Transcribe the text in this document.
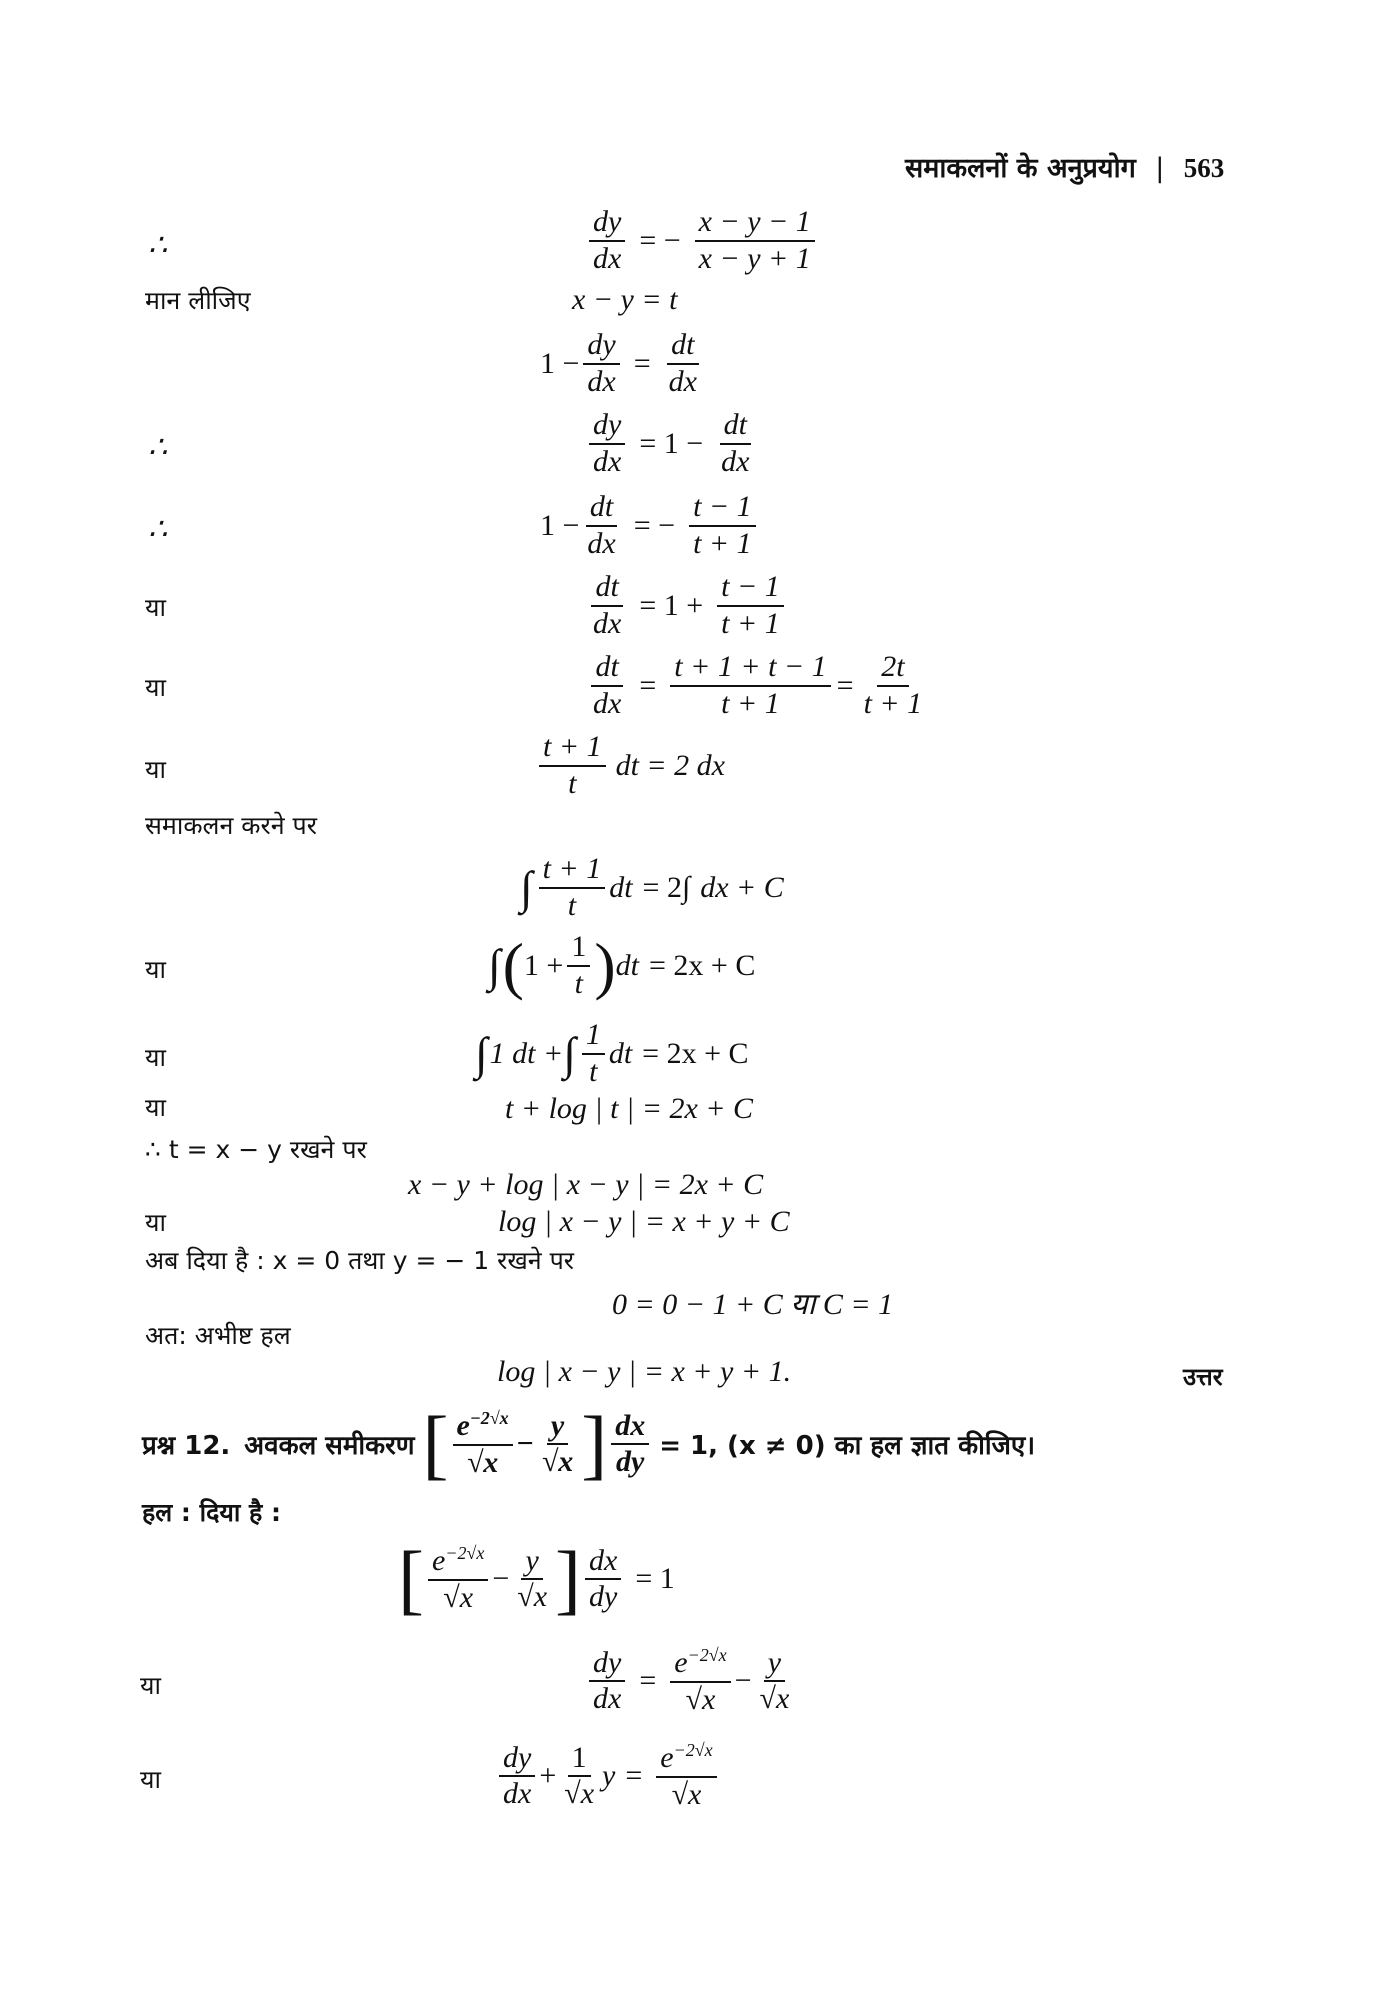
समाकलनों के अनुप्रयोग | 563
∴	$\frac{dy}{dx}$ = − $\frac{x - y - 1}{x - y + 1}$
मान लीजिए	x − y = t
$1 - \frac{dy}{dx} = \frac{dt}{dx}$
∴	$\frac{dy}{dx} = 1 - \frac{dt}{dx}$
∴	$1 - \frac{dt}{dx}$ = − $\frac{t - 1}{t + 1}$
या	$\frac{dt}{dx} = 1 + \frac{t - 1}{t + 1}$
या	$\frac{dt}{dx} = \frac{t + 1 + t - 1}{t + 1} = \frac{2t}{t + 1}$
या	$\frac{t + 1}{t}$ dt = 2 dx
समाकलन करने पर
∫ $\frac{t + 1}{t}$ dt = 2∫ dx + C
या	∫ ( $1 + \frac{1}{t}$ ) dt = 2x + C
या	∫ 1 dt + ∫ $\frac{1}{t}$ dt = 2x + C
या	t + log | t | = 2x + C
∴ t = x − y रखने पर
x − y + log | x − y | = 2x + C
या	log | x − y | = x + y + C
अब दिया है : x = 0 तथा y = − 1 रखने पर
0 = 0 − 1 + C या C = 1
अत: अभीष्ट हल
log | x − y | = x + y + 1.	उत्तर
प्रश्न 12. अवकल समीकरण [ $\frac{e^{-2√x}}{√x} - \frac{y}{√x}$ ] $\frac{dx}{dy} = 1$, (x ≠ 0) का हल ज्ञात कीजिए।
हल : दिया है :
[ $\frac{e^{-2√x}}{√x} - \frac{y}{√x}$ ] $\frac{dx}{dy} = 1$
या	$\frac{dy}{dx} = \frac{e^{-2√x}}{√x} - \frac{y}{√x}$
या	$\frac{dy}{dx} + \frac{1}{√x}$ $y = \frac{e^{-2√x}}{√x}$
